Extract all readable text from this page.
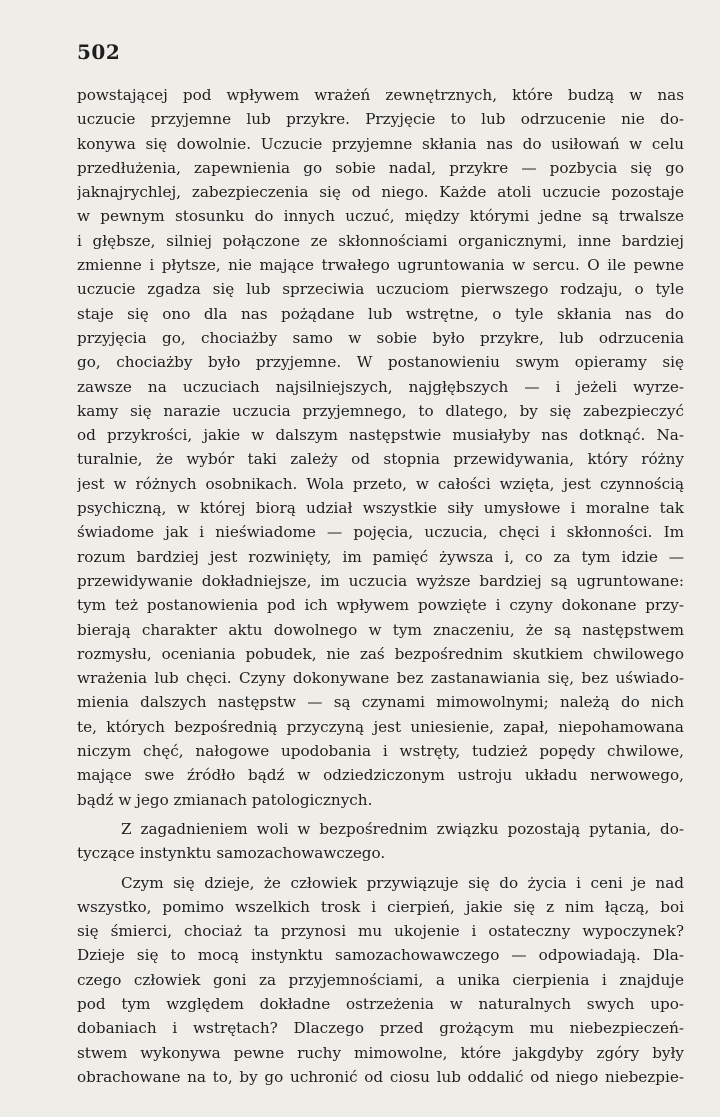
502
powstającej pod wpływem wrażeń zewnętrznych, które budzą w nas
uczucie przyjemne lub przykre. Przyjęcie to lub odrzucenie nie do-
konywa się dowolnie. Uczucie przyjemne skłania nas do usiłowań w celu
przedłużenia, zapewnienia go sobie nadal, przykre — pozbycia się go
jaknajrychlej, zabezpieczenia się od niego. Każde atoli uczucie pozostaje
w pewnym stosunku do innych uczuć, między którymi jedne są trwalsze
i głębsze, silniej połączone ze skłonnościami organicznymi, inne bardziej
zmienne i płytsze, nie mające trwałego ugruntowania w sercu. O ile pewne
uczucie zgadza się lub sprzeciwia uczuciom pierwszego rodzaju, o tyle
staje się ono dla nas pożądane lub wstrętne, o tyle skłania nas do
przyjęcia go, chociażby samo w sobie było przykre, lub odrzucenia
go, chociażby było przyjemne. W postanowieniu swym opieramy się
zawsze na uczuciach najsilniejszych, najgłębszych — i jeżeli wyrze-
kamy się narazie uczucia przyjemnego, to dlatego, by się zabezpieczyć
od przykrości, jakie w dalszym następstwie musiałyby nas dotknąć. Na-
turalnie, że wybór taki zależy od stopnia przewidywania, który różny
jest w różnych osobnikach. Wola przeto, w całości wzięta, jest czynnością
psychiczną, w której biorą udział wszystkie siły umysłowe i moralne tak
świadome jak i nieświadome — pojęcia, uczucia, chęci i skłonności. Im
rozum bardziej jest rozwinięty, im pamięć żywsza i, co za tym idzie —
przewidywanie dokładniejsze, im uczucia wyższe bardziej są ugruntowane:
tym też postanowienia pod ich wpływem powzięte i czyny dokonane przy-
bierają charakter aktu dowolnego w tym znaczeniu, że są następstwem
rozmysłu, oceniania pobudek, nie zaś bezpośrednim skutkiem chwilowego
wrażenia lub chęci. Czyny dokonywane bez zastanawiania się, bez uświado-
mienia dalszych następstw — są czynami mimowolnymi; należą do nich
te, których bezpośrednią przyczyną jest uniesienie, zapał, niepohamowana
niczym chęć, nałogowe upodobania i wstręty, tudzież popędy chwilowe,
mające swe źródło bądź w odziedziczonym ustroju układu nerwowego,
bądź w jego zmianach patologicznych.
Z zagadnieniem woli w bezpośrednim związku pozostają pytania, do-
tyczące instynktu samozachowawczego.
Czym się dzieje, że człowiek przywiązuje się do życia i ceni je nad
wszystko, pomimo wszelkich trosk i cierpień, jakie się z nim łączą, boi
się śmierci, chociaż ta przynosi mu ukojenie i ostateczny wypoczynek?
Dzieje się to mocą instynktu samozachowawczego — odpowiadają. Dla-
czego człowiek goni za przyjemnościami, a unika cierpienia i znajduje
pod tym względem dokładne ostrzeżenia w naturalnych swych upo-
dobaniach i wstrętach? Dlaczego przed grożącym mu niebezpieczeń-
stwem wykonywa pewne ruchy mimowolne, które jakgdyby zgóry były
obrachowane na to, by go uchronić od ciosu lub oddalić od niego niebezpie-
